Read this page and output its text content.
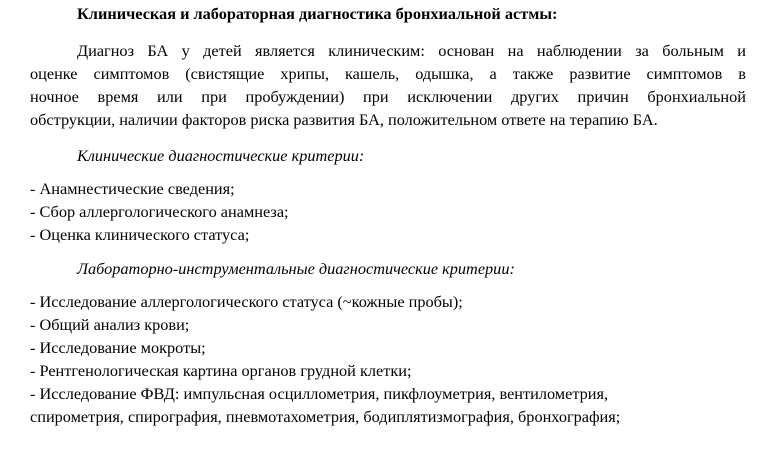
Клиническая и лабораторная диагностика бронхиальной астмы:
Диагноз БА у детей является клиническим: основан на наблюдении за больным и
оценке симптомов (свистящие хрипы, кашель, одышка, а также развитие симптомов в
ночное время или при пробуждении) при исключении других причин бронхиальной
обструкции, наличии факторов риска развития БА, положительном ответе на терапию БА.
Клинические диагностические критерии:
- Анамнестические сведения;
- Сбор аллергологического анамнеза;
- Оценка клинического статуса;
Лабораторно-инструментальные диагностические критерии:
- Исследование аллергологического статуса (~кожные пробы);
- Общий анализ крови;
- Исследование мокроты;
- Рентгенологическая картина органов грудной клетки;
- Исследование ФВД: импульсная осциллометрия, пикфлоуметрия, вентилометрия,
спирометрия, спирография, пневмотахометрия, бодиплятизмография, бронхография;
